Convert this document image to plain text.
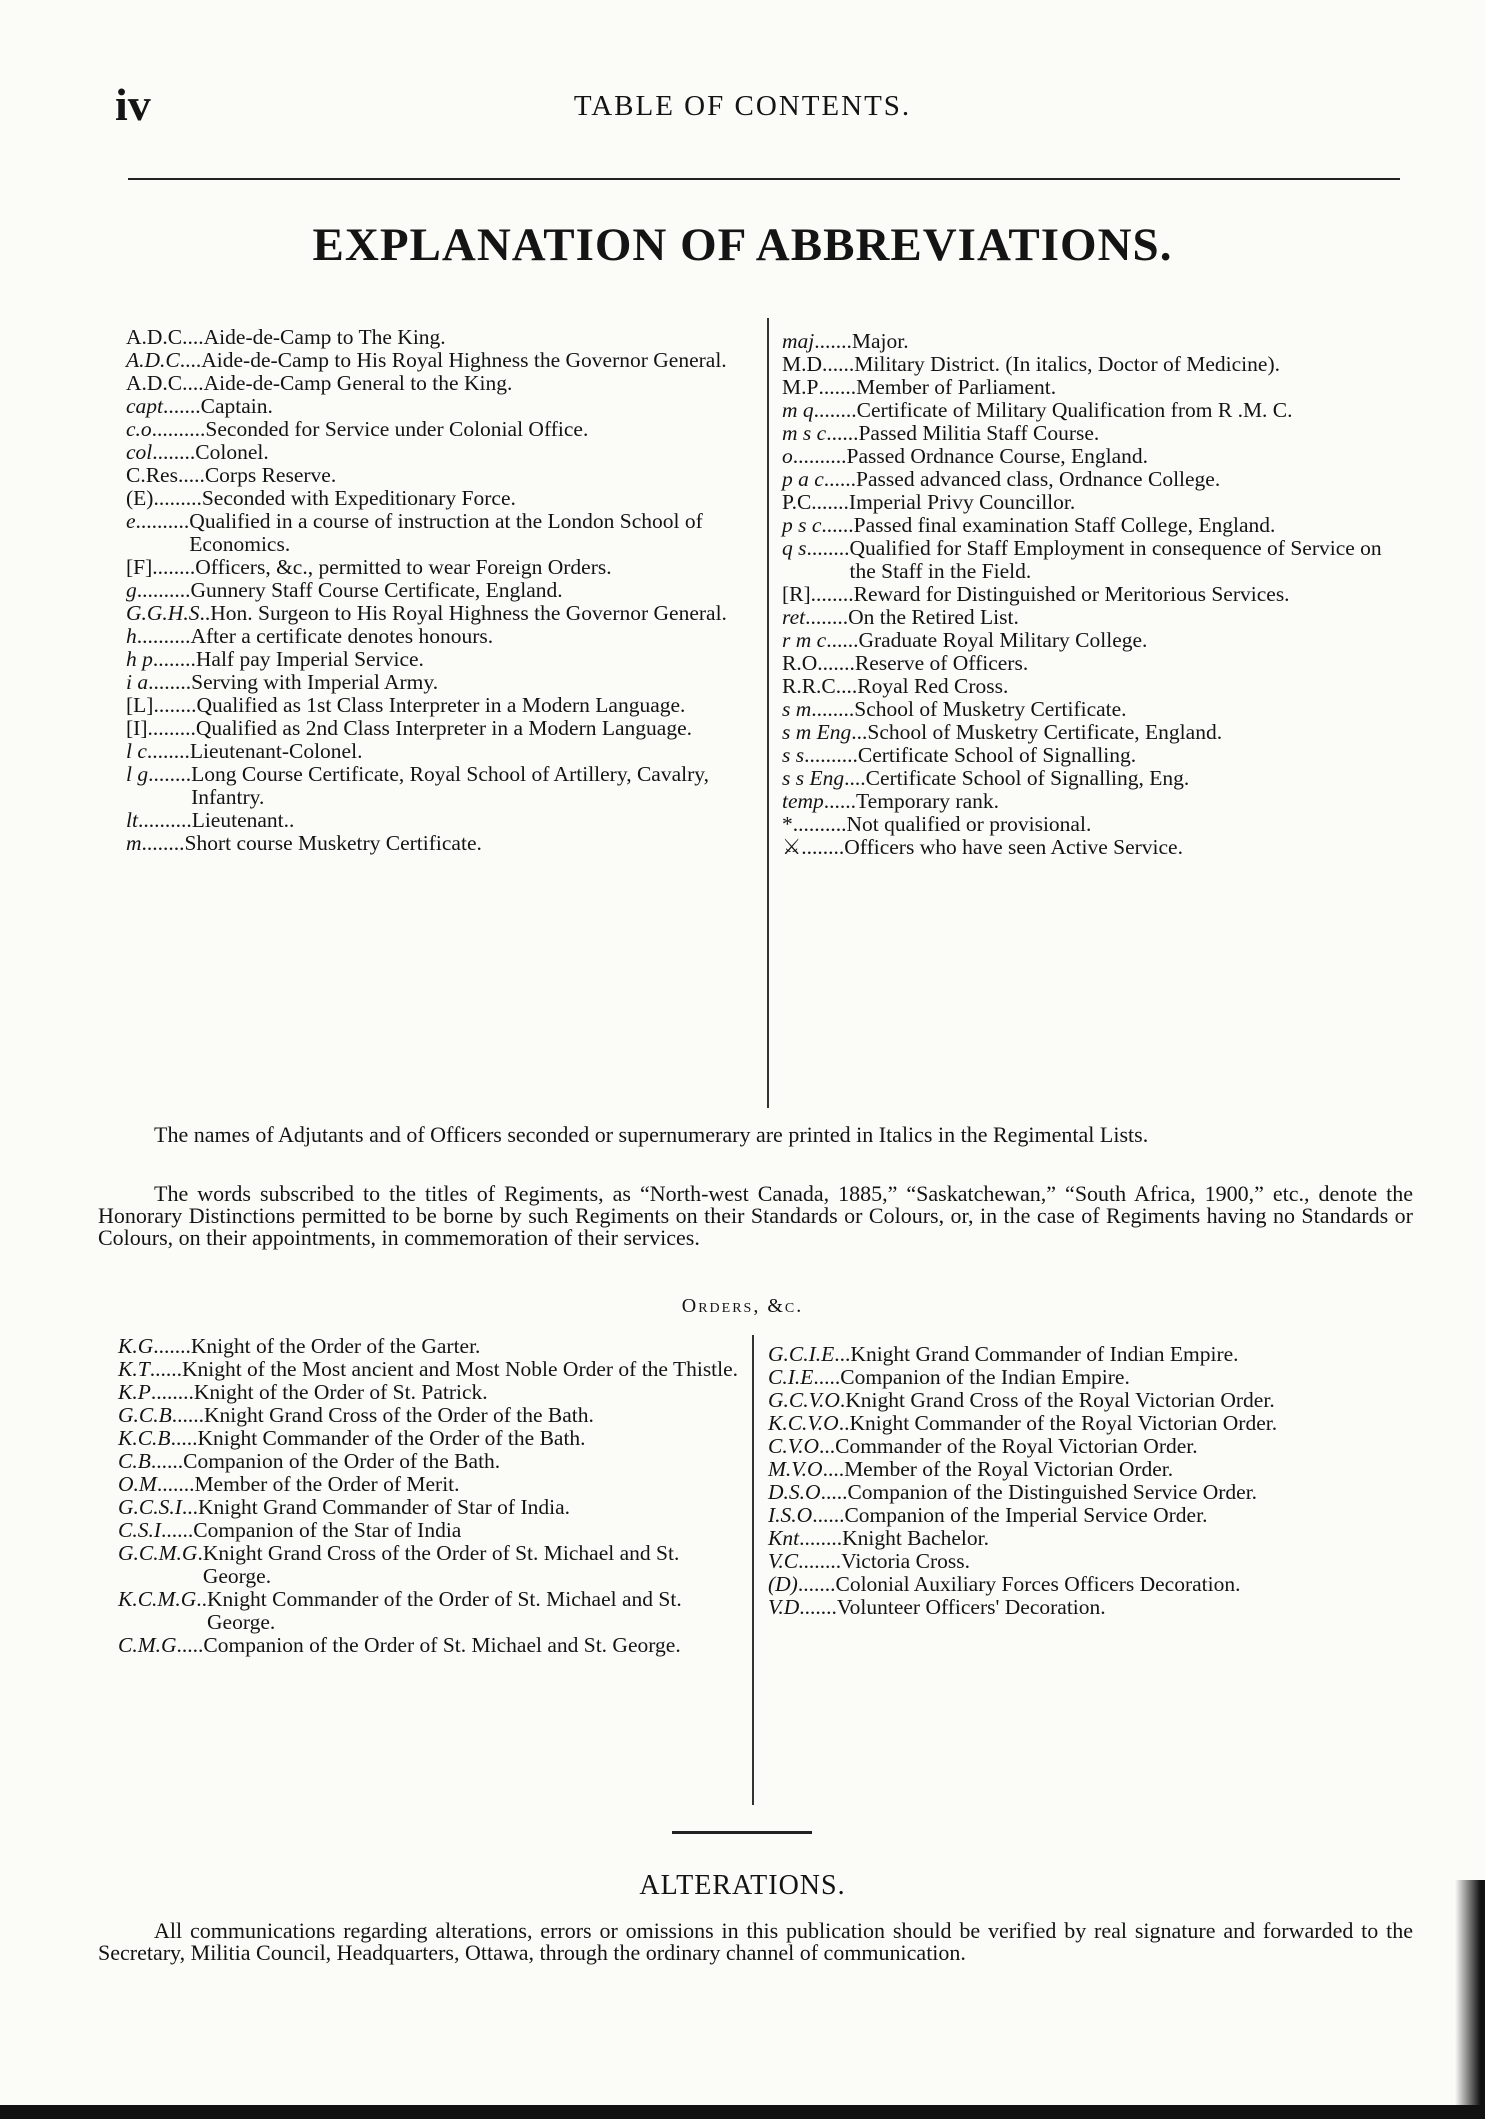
iv	TABLE OF CONTENTS.
EXPLANATION OF ABBREVIATIONS.
A.D.C .... Aide-de-Camp to The King.
A.D.C .... Aide-de-Camp to His Royal Highness the Governor General.
A.D.C .... Aide-de-Camp General to the King.
capt ....... Captain.
c.o .......... Seconded for Service under Colonial Office.
col ........ Colonel.
C.Res ..... Corps Reserve.
(E) ......... Seconded with Expeditionary Force.
e .......... Qualified in a course of instruction at the London School of Economics.
[F] ........ Officers, &c., permitted to wear Foreign Orders.
g .......... Gunnery Staff Course Certificate, England.
G.G.H.S .. Hon. Surgeon to His Royal Highness the Governor General.
h .......... After a certificate denotes honours.
h p ........ Half pay Imperial Service.
i a ........ Serving with Imperial Army.
[L] ........ Qualified as 1st Class Interpreter in a Modern Language.
[I] ......... Qualified as 2nd Class Interpreter in a Modern Language.
l c ........ Lieutenant-Colonel.
l g ........ Long Course Certificate, Royal School of Artillery, Cavalry, Infantry.
lt .......... Lieutenant..
m ........ Short course Musketry Certificate.
maj ....... Major.
M.D ...... Military District. (In italics, Doctor of Medicine).
M.P ....... Member of Parliament.
m q ........ Certificate of Military Qualification from R .M. C.
m s c ...... Passed Militia Staff Course.
o .......... Passed Ordnance Course, England.
p a c ...... Passed advanced class, Ordnance College.
P.C ....... Imperial Privy Councillor.
p s c ...... Passed final examination Staff College, England.
q s ........ Qualified for Staff Employment in consequence of Service on the Staff in the Field.
[R] ........ Reward for Distinguished or Meritorious Services.
ret ........ On the Retired List.
r m c ...... Graduate Royal Military College.
R.O ....... Reserve of Officers.
R.R.C .... Royal Red Cross.
s m ........ School of Musketry Certificate.
s m Eng ... School of Musketry Certificate, England.
s s .......... Certificate School of Signalling.
s s Eng .... Certificate School of Signalling, Eng.
temp ...... Temporary rank.
* .......... Not qualified or provisional.
⚔ ........ Officers who have seen Active Service.
The names of Adjutants and of Officers seconded or supernumerary are printed in Italics in the Regimental Lists.
The words subscribed to the titles of Regiments, as “North-west Canada, 1885,” “Saskatchewan,” “South Africa, 1900,” etc., denote the Honorary Distinctions permitted to be borne by such Regiments on their Standards or Colours, or, in the case of Regiments having no Standards or Colours, on their appointments, in commemoration of their services.
Orders, &c.
K.G ....... Knight of the Order of the Garter.
K.T ...... Knight of the Most ancient and Most Noble Order of the Thistle.
K.P ........ Knight of the Order of St. Patrick.
G.C.B ...... Knight Grand Cross of the Order of the Bath.
K.C.B ..... Knight Commander of the Order of the Bath.
C.B ...... Companion of the Order of the Bath.
O.M ....... Member of the Order of Merit.
G.C.S.I ... Knight Grand Commander of Star of India.
C.S.I ...... Companion of the Star of India
G.C.M.G . Knight Grand Cross of the Order of St. Michael and St. George.
K.C.M.G .. Knight Commander of the Order of St. Michael and St. George.
C.M.G ..... Companion of the Order of St. Michael and St. George.
G.C.I.E ... Knight Grand Commander of Indian Empire.
C.I.E ..... Companion of the Indian Empire.
G.C.V.O . Knight Grand Cross of the Royal Victorian Order.
K.C.V.O .. Knight Commander of the Royal Victorian Order.
C.V.O ... Commander of the Royal Victorian Order.
M.V.O .... Member of the Royal Victorian Order.
D.S.O ..... Companion of the Distinguished Service Order.
I.S.O ...... Companion of the Imperial Service Order.
Knt ........ Knight Bachelor.
V.C ........ Victoria Cross.
(D) ....... Colonial Auxiliary Forces Officers Decoration.
V.D ....... Volunteer Officers' Decoration.
ALTERATIONS.
All communications regarding alterations, errors or omissions in this publication should be verified by real signature and forwarded to the Secretary, Militia Council, Headquarters, Ottawa, through the ordinary channel of communication.
